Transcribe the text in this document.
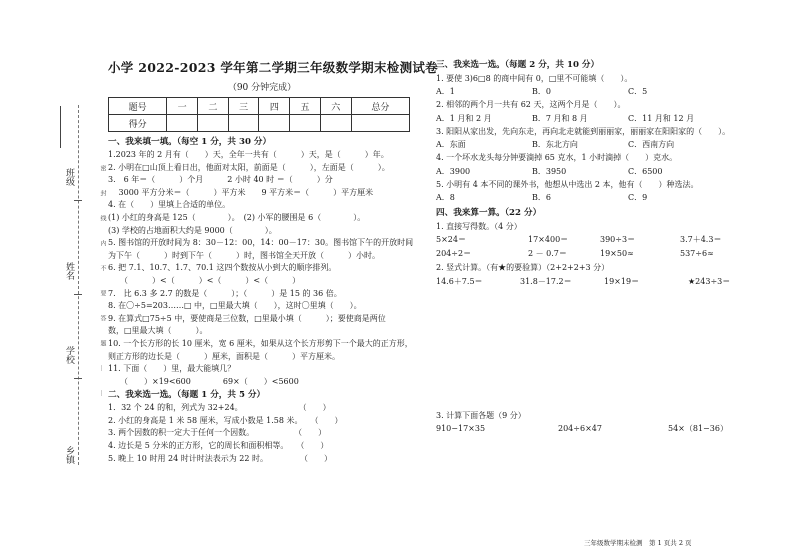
班级
姓名
学校
乡镇
密
封
线
内
不
要
答
题
…
…
小学 2022-2023 学年第二学期三年级数学期末检测试卷
（90 分钟完成）
题号	一	二	三	四	五	六	总分
得分							
一、我来填一填。（每空 1 分，共 30 分）
1.2023 年的 2 月有（　　）天，全年一共有（　　　）天，是（　　　）年。
2. 小明在□山顶上看日出，他面对太阳，前面是（　　　），左面是（　　　）。
3.　6 年＝（　　　）个月　　　2 小时 40 时 ＝（　　　）分
　 3000 平方分米＝（　　　）平方米　　9 平方米＝（　　　）平方厘米
4. 在（　　）里填上合适的单位。
(1) 小红的身高是 125（　　　　）。　(2) 小军的腰围是 6（　　　　）。
(3) 学校的占地面积大约是 9000（　　　　）。
5. 图书馆的开放时间为 8：30－12：00，14：00－17：30。图书馆下午的开放时间
为下午（　　　）时到下午（　　　）时，图书馆全天开放（　　　）小时。
6. 把 7.1、10.7、1.7、70.1 这四个数按从小到大的顺序排列。
　　（　　　）<（　　　）<（　　　）<（　　　）
7.　比 6.3 多 2.7 的数是（　　　）；（　　　）是 15 的 36 倍。
8. 在〇÷5=203……□ 中，□里最大填（　　），这时〇里填（　　）。
9. 在算式□75÷5 中，要使商是三位数，□里最小填（　　　）；要使商是两位
数，□里最大填（　　　）。
10. 一个长方形的长 10 厘米，宽 6 厘米，如果从这个长方形剪下一个最大的正方形，
则正方形的边长是（　　　）厘米，面积是（　　　）平方厘米。
11. 下面（　　）里，最大能填几？
　　（　　）×19<600　　　　69×（　　）<5600
二、我来选一选。（每题 1 分，共 5 分）
1．32 个 24 的和，列式为 32+24。　　　　　　　　（　　）
2. 小红的身高是 1 米 58 厘米，写成小数是 1.58 米。　　（　　）
3. 两个因数的积一定大于任何一个因数。　　　　　　（　　）
4. 边长是 5 分米的正方形，它的周长和面积相等。　　（　　）
5. 晚上 10 时用 24 时计时法表示为 22 时。　　　　　（　　）
三、我来选一选。（每题 2 分，共 10 分）
1. 要使 3)6□8 的商中间有 0，□里不可能填（　　）。
A．1	B．0	C．5
2. 相邻的两个月一共有 62 天，这两个月是（　　）。
A．1 月和 2 月	B．7 月和 8 月	C．11 月和 12 月
3. 阳阳从家出发，先向东走，再向北走就能到丽丽家，丽丽家在阳阳家的（　　）。
A．东面	B．东北方向	C．西南方向
4. 一个坏水龙头每分钟要滴掉 65 克水，1 小时滴掉（　　）克水。
A．3900	B．3950	C．6500
5. 小明有 4 本不同的课外书，他想从中选出 2 本，他有（　　）种选法。
A．8	B．6	C．9
四、我来算一算。（22 分）
1. 直接写得数。（4 分）
5×24＝	17×400＝	390÷3＝	3.7＋4.3＝
204÷2＝	2 － 0.7＝	19×50≈	537÷6≈
2. 竖式计算。（有★的要验算）（2+2+2+3 分）
14.6＋7.5＝	31.8－17.2＝	19×19＝	★243÷3＝
3. 计算下面各题（9 分）
910−17×35	204÷6×47	54×（81−36）
三年级数学期末检测　第 1 页共 2 页
